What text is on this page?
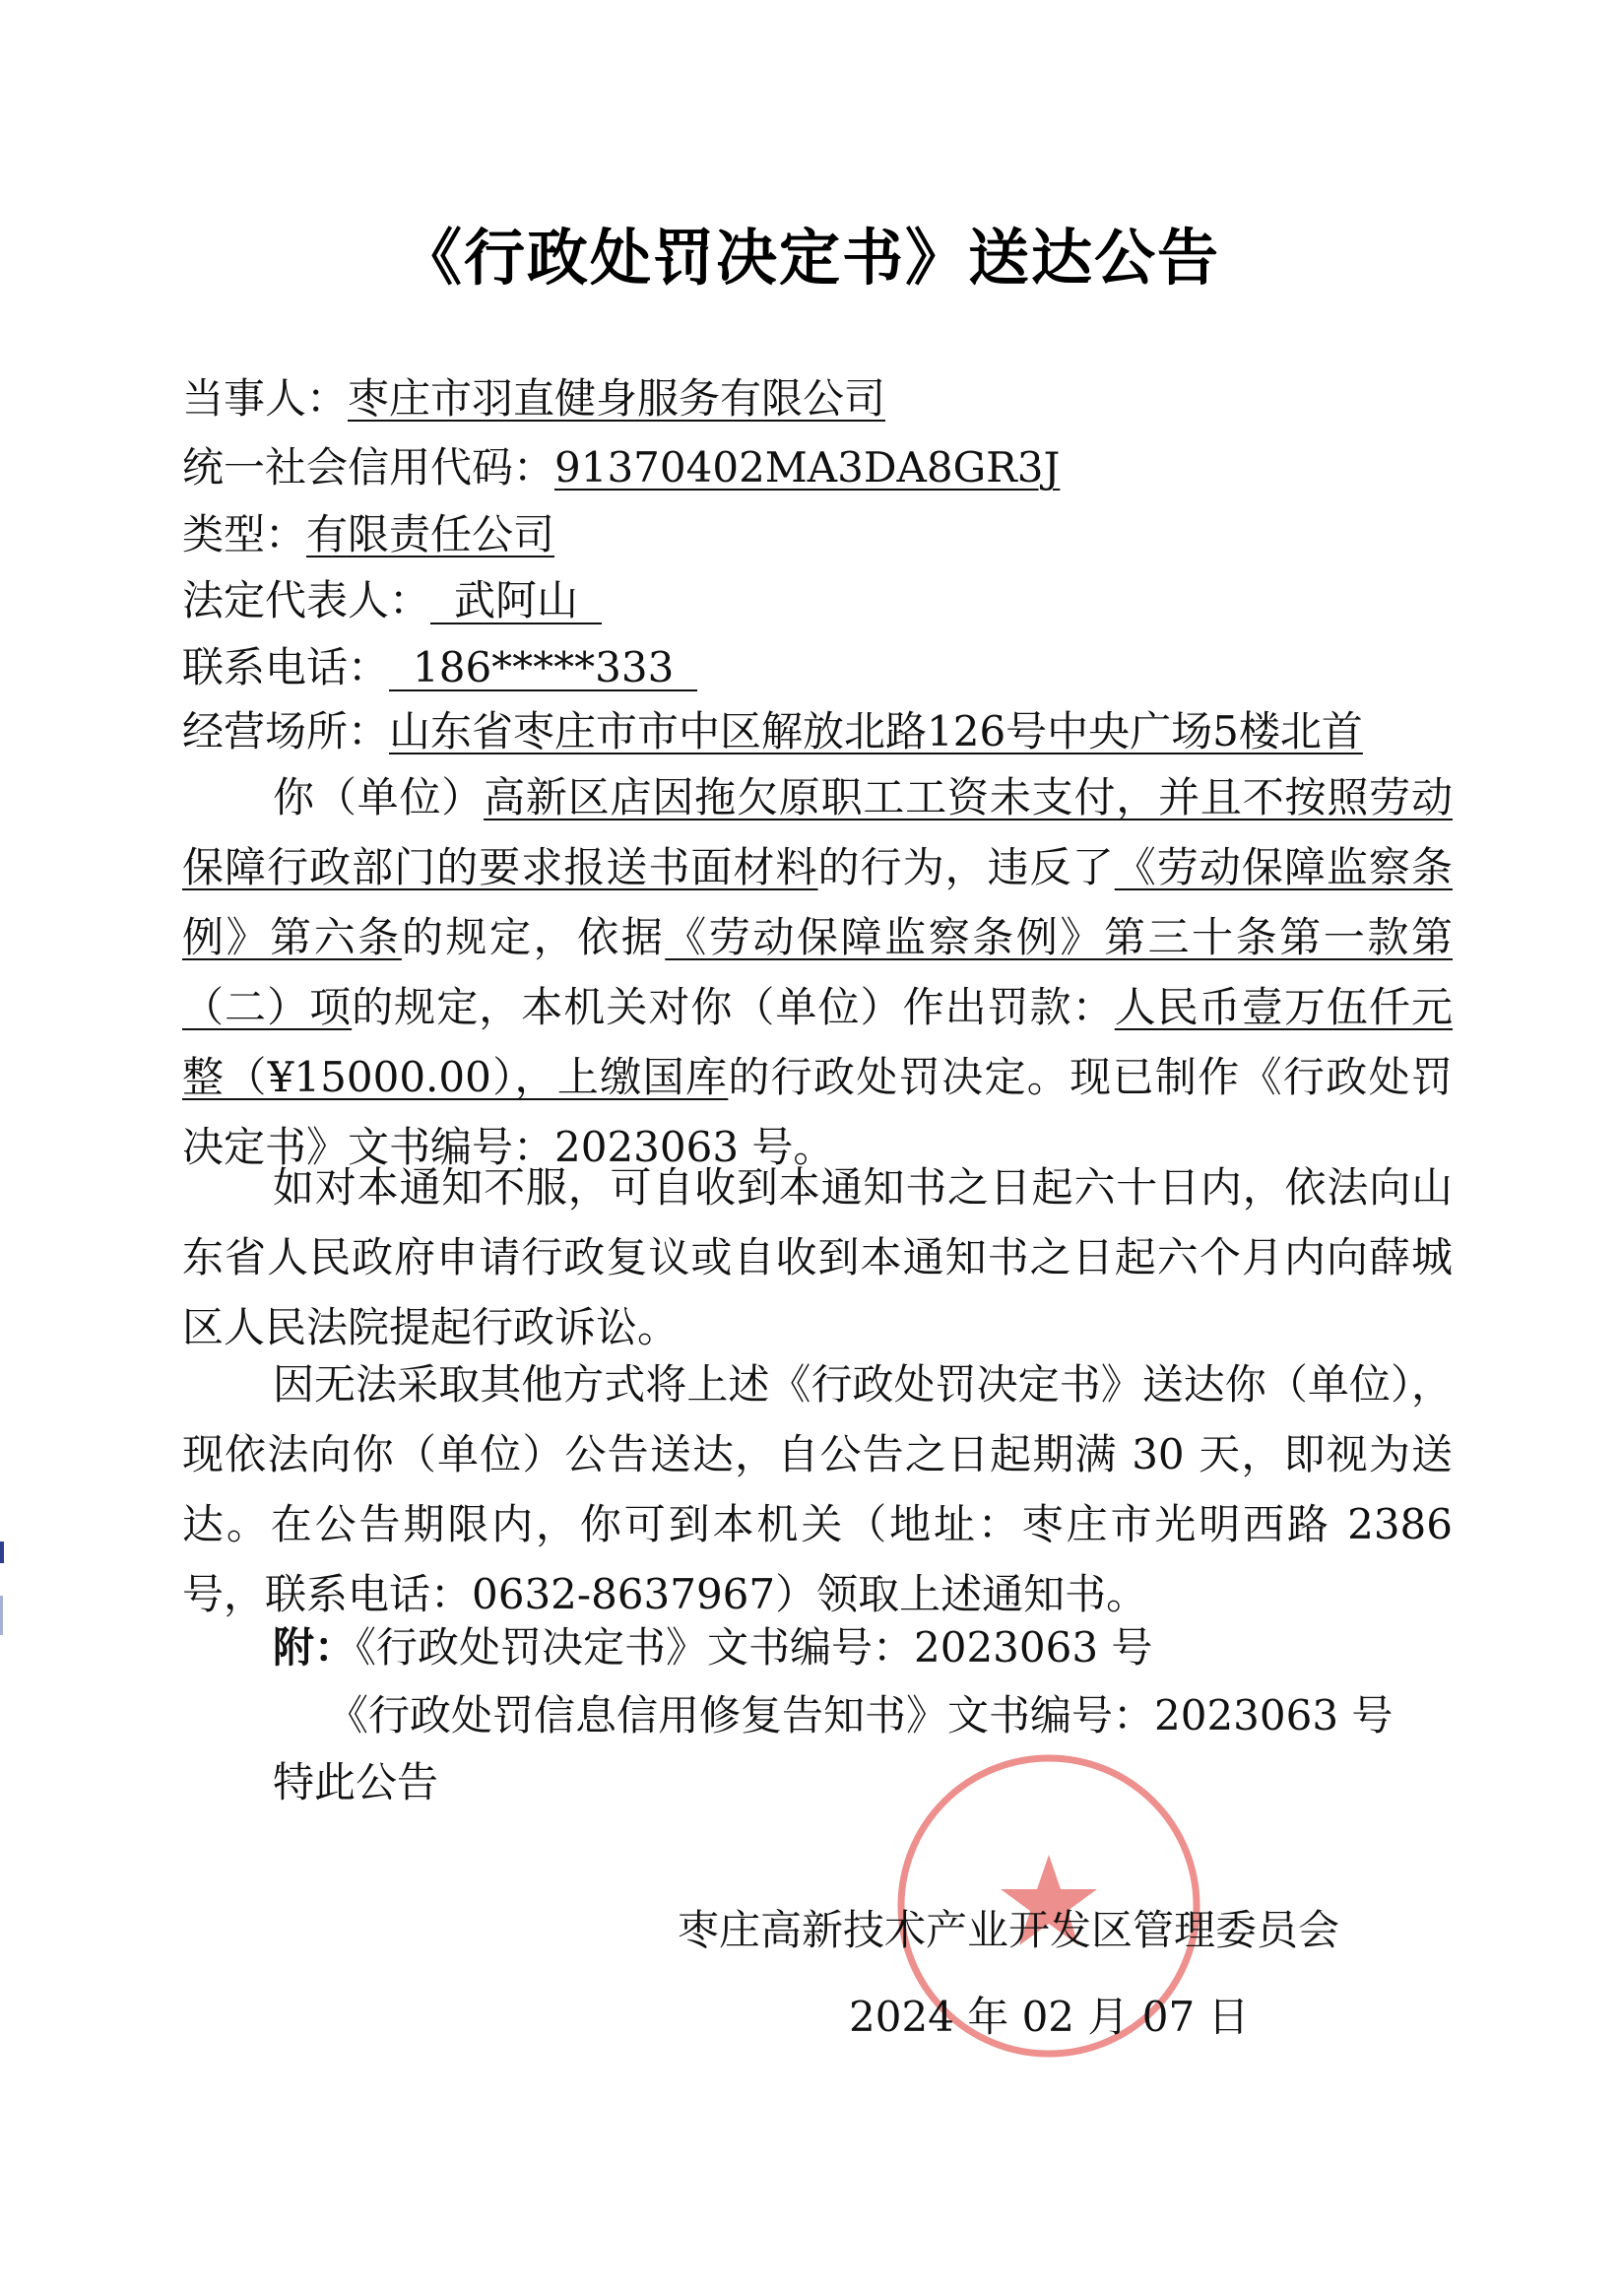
《行政处罚决定书》送达公告
当事人：枣庄市羽直健身服务有限公司
统一社会信用代码：91370402MA3DA8GR3J
类型：有限责任公司
法定代表人： 武阿山
联系电话： 186*****333
经营场所：山东省枣庄市市中区解放北路126号中央广场5楼北首
你（单位）高新区店因拖欠原职工工资未支付，并且不按照劳动保障行政部门的要求报送书面材料的行为，违反了《劳动保障监察条例》第六条的规定，依据《劳动保障监察条例》第三十条第一款第（二）项的规定，本机关对你（单位）作出罚款：人民币壹万伍仟元整（¥15000.00），上缴国库的行政处罚决定。现已制作《行政处罚决定书》文书编号：2023063 号。
如对本通知不服，可自收到本通知书之日起六十日内，依法向山东省人民政府申请行政复议或自收到本通知书之日起六个月内向薛城区人民法院提起行政诉讼。
因无法采取其他方式将上述《行政处罚决定书》送达你（单位），现依法向你（单位）公告送达，自公告之日起期满 30 天，即视为送达。在公告期限内，你可到本机关（地址：枣庄市光明西路 2386 号，联系电话：0632-8637967）领取上述通知书。
附：《行政处罚决定书》文书编号：2023063 号
《行政处罚信息信用修复告知书》文书编号：2023063 号
特此公告
枣庄高新技术产业开发区管理委员会
2024 年 02 月 07 日
